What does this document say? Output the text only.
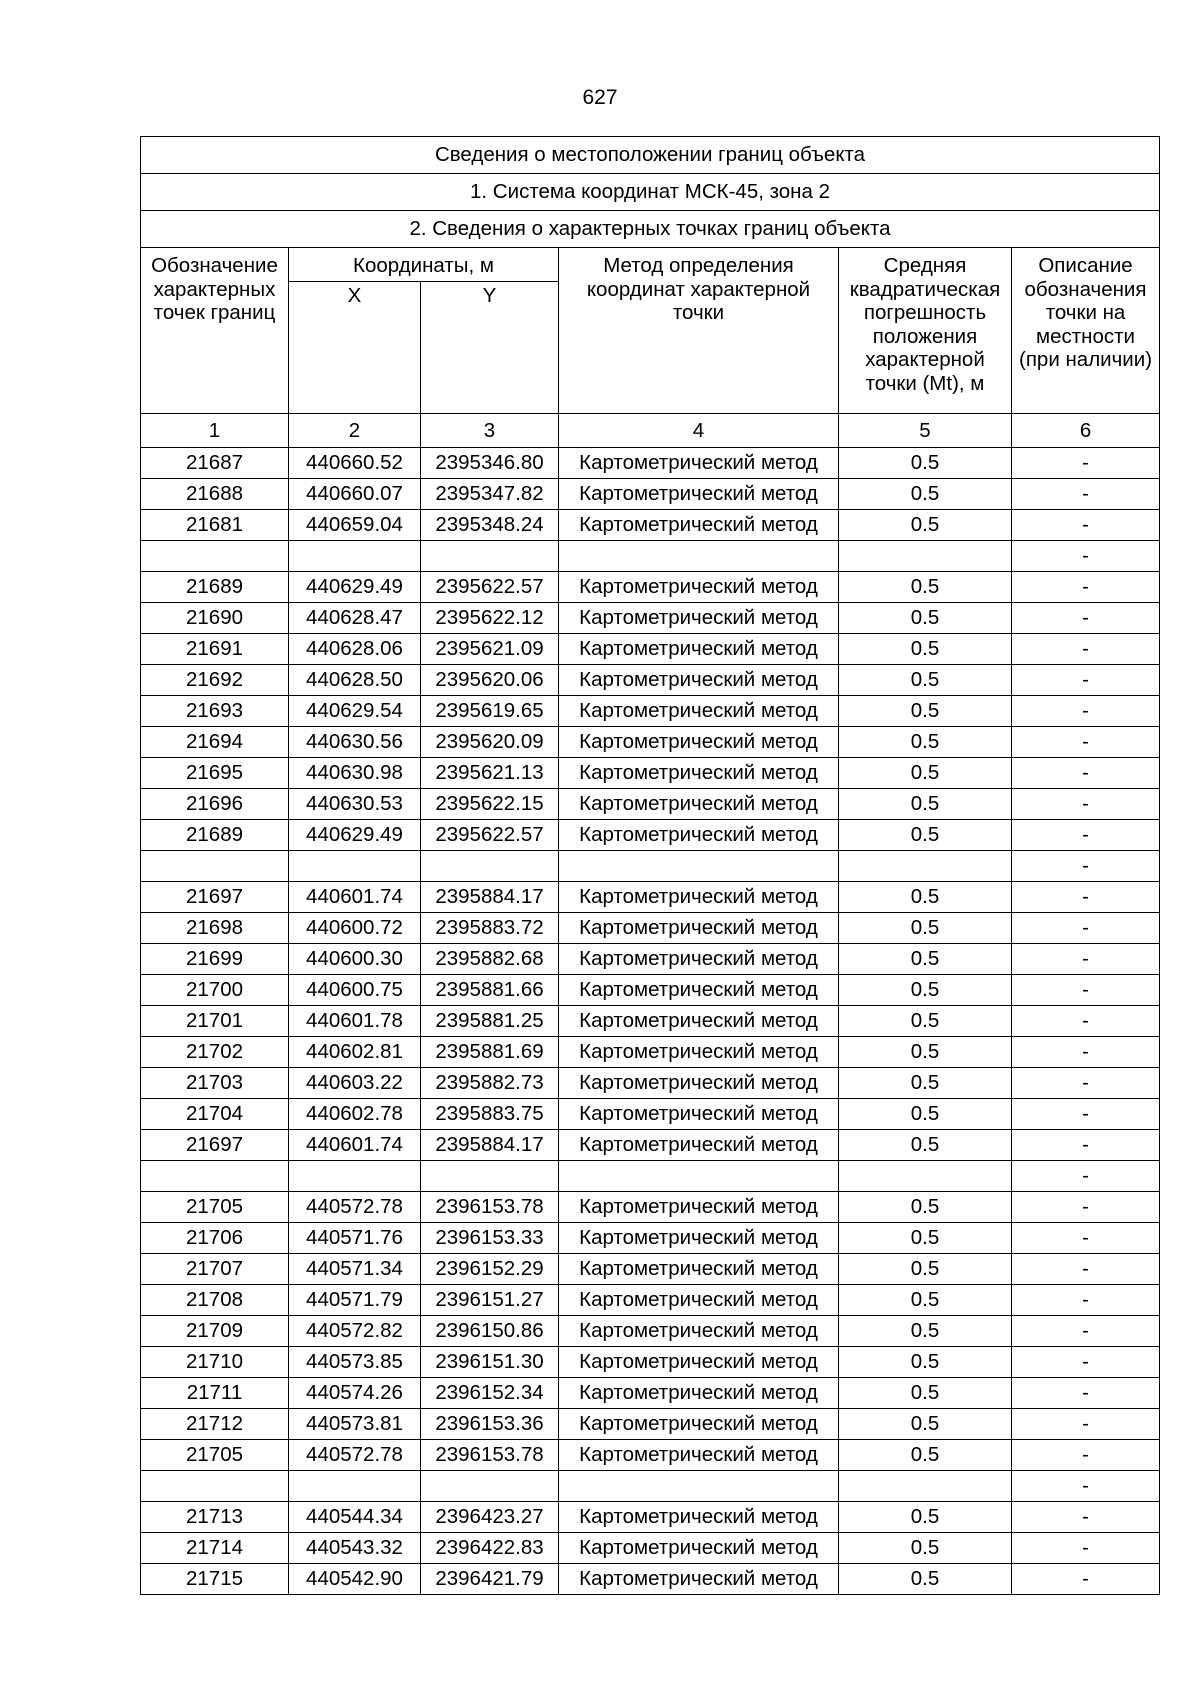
627
Сведения о местоположении границ объекта					
1. Система координат МСК-45, зона 2					
2. Сведения о характерных точках границ объекта					
Обозначение характерных точек границ	Координаты, м		Метод определения координат характерной точки	Средняя квадратическая погрешность положения характерной точки (Mt), м	Описание обозначения точки на местности (при наличии)
	X	Y			
1	2	3	4	5	6
21687	440660.52	2395346.80	Картометрический метод	0.5	-
21688	440660.07	2395347.82	Картометрический метод	0.5	-
21681	440659.04	2395348.24	Картометрический метод	0.5	-
					-
21689	440629.49	2395622.57	Картометрический метод	0.5	-
21690	440628.47	2395622.12	Картометрический метод	0.5	-
21691	440628.06	2395621.09	Картометрический метод	0.5	-
21692	440628.50	2395620.06	Картометрический метод	0.5	-
21693	440629.54	2395619.65	Картометрический метод	0.5	-
21694	440630.56	2395620.09	Картометрический метод	0.5	-
21695	440630.98	2395621.13	Картометрический метод	0.5	-
21696	440630.53	2395622.15	Картометрический метод	0.5	-
21689	440629.49	2395622.57	Картометрический метод	0.5	-
					-
21697	440601.74	2395884.17	Картометрический метод	0.5	-
21698	440600.72	2395883.72	Картометрический метод	0.5	-
21699	440600.30	2395882.68	Картометрический метод	0.5	-
21700	440600.75	2395881.66	Картометрический метод	0.5	-
21701	440601.78	2395881.25	Картометрический метод	0.5	-
21702	440602.81	2395881.69	Картометрический метод	0.5	-
21703	440603.22	2395882.73	Картометрический метод	0.5	-
21704	440602.78	2395883.75	Картометрический метод	0.5	-
21697	440601.74	2395884.17	Картометрический метод	0.5	-
					-
21705	440572.78	2396153.78	Картометрический метод	0.5	-
21706	440571.76	2396153.33	Картометрический метод	0.5	-
21707	440571.34	2396152.29	Картометрический метод	0.5	-
21708	440571.79	2396151.27	Картометрический метод	0.5	-
21709	440572.82	2396150.86	Картометрический метод	0.5	-
21710	440573.85	2396151.30	Картометрический метод	0.5	-
21711	440574.26	2396152.34	Картометрический метод	0.5	-
21712	440573.81	2396153.36	Картометрический метод	0.5	-
21705	440572.78	2396153.78	Картометрический метод	0.5	-
					-
21713	440544.34	2396423.27	Картометрический метод	0.5	-
21714	440543.32	2396422.83	Картометрический метод	0.5	-
21715	440542.90	2396421.79	Картометрический метод	0.5	-
